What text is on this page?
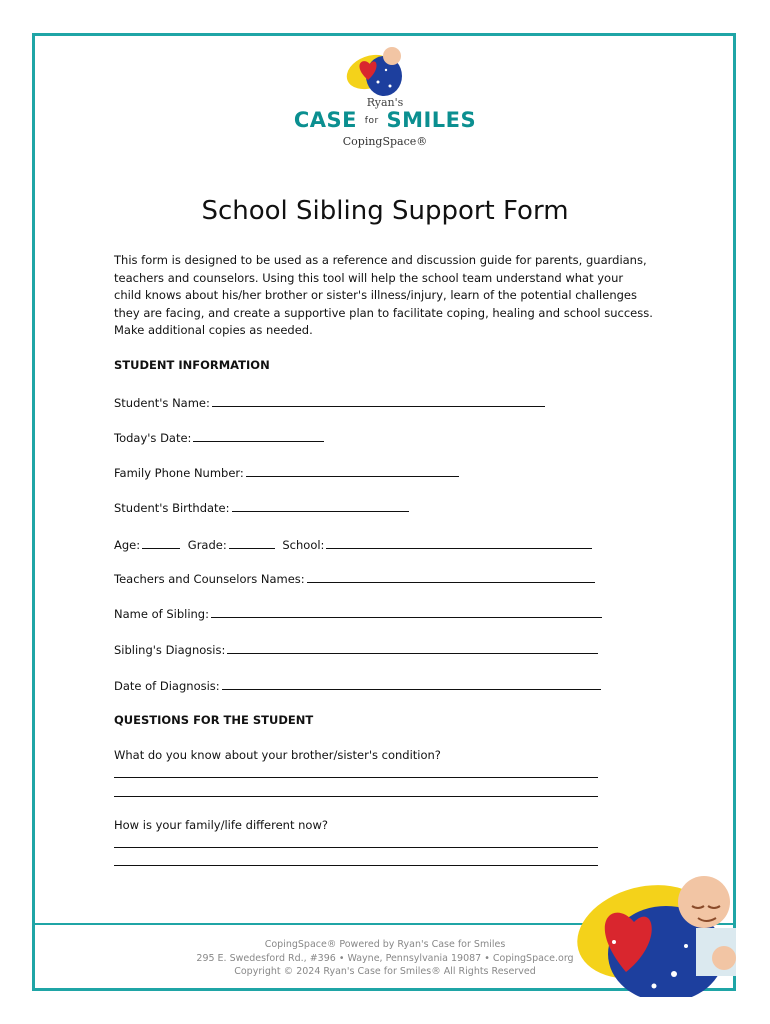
Ryan's
CASE for SMILES
CopingSpace®
School Sibling Support Form
This form is designed to be used as a reference and discussion guide for parents, guardians, teachers and counselors. Using this tool will help the school team understand what your child knows about his/her brother or sister's illness/injury, learn of the potential challenges they are facing, and create a supportive plan to facilitate coping, healing and school success. Make additional copies as needed.
STUDENT INFORMATION
Student's Name:
Today's Date:
Family Phone Number:
Student's Birthdate:
Age:	Grade:	School:
Teachers and Counselors Names:
Name of Sibling:
Sibling's Diagnosis:
Date of Diagnosis:
QUESTIONS FOR THE STUDENT
What do you know about your brother/sister's condition?
How is your family/life different now?
CopingSpace® Powered by Ryan's Case for Smiles
295 E. Swedesford Rd., #396 • Wayne, Pennsylvania 19087 • CopingSpace.org
Copyright © 2024 Ryan's Case for Smiles® All Rights Reserved
